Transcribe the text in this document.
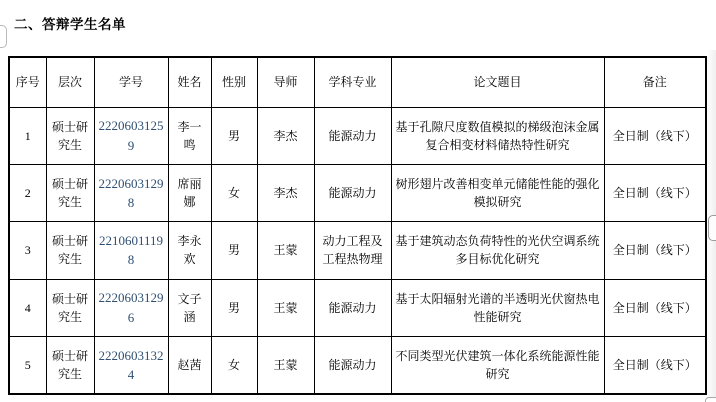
二、答辩学生名单
序号	层次	学号	姓名	性别	导师	学科专业	论文题目	备注
1	硕士研究生	22206031259	李一鸣	男	李杰	能源动力	基于孔隙尺度数值模拟的梯级泡沫金属复合相变材料储热特性研究	全日制（线下）
2	硕士研究生	22206031298	席丽娜	女	李杰	能源动力	树形翅片改善相变单元储能性能的强化模拟研究	全日制（线下）
3	硕士研究生	22106011198	李永欢	男	王蒙	动力工程及工程热物理	基于建筑动态负荷特性的光伏空调系统多目标优化研究	全日制（线下）
4	硕士研究生	22206031296	文子涵	男	王蒙	能源动力	基于太阳辐射光谱的半透明光伏窗热电性能研究	全日制（线下）
5	硕士研究生	22206031324	赵茜	女	王蒙	能源动力	不同类型光伏建筑一体化系统能源性能研究	全日制（线下）
